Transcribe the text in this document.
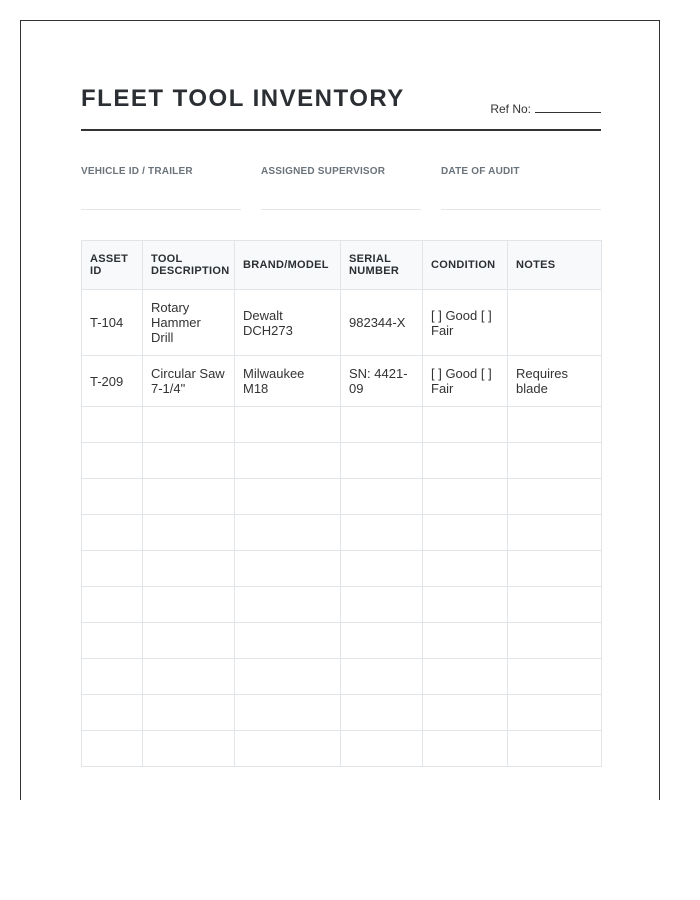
FLEET TOOL INVENTORY	Ref No:
VEHICLE ID / TRAILER	ASSIGNED SUPERVISOR	DATE OF AUDIT
ASSET ID	TOOL DESCRIPTION	BRAND/MODEL	SERIAL NUMBER	CONDITION	NOTES
T-104	Rotary Hammer Drill	Dewalt DCH273	982344-X	[ ] Good [ ] Fair	
T-209	Circular Saw 7-1/4"	Milwaukee M18	SN: 4421-09	[ ] Good [ ] Fair	Requires blade
